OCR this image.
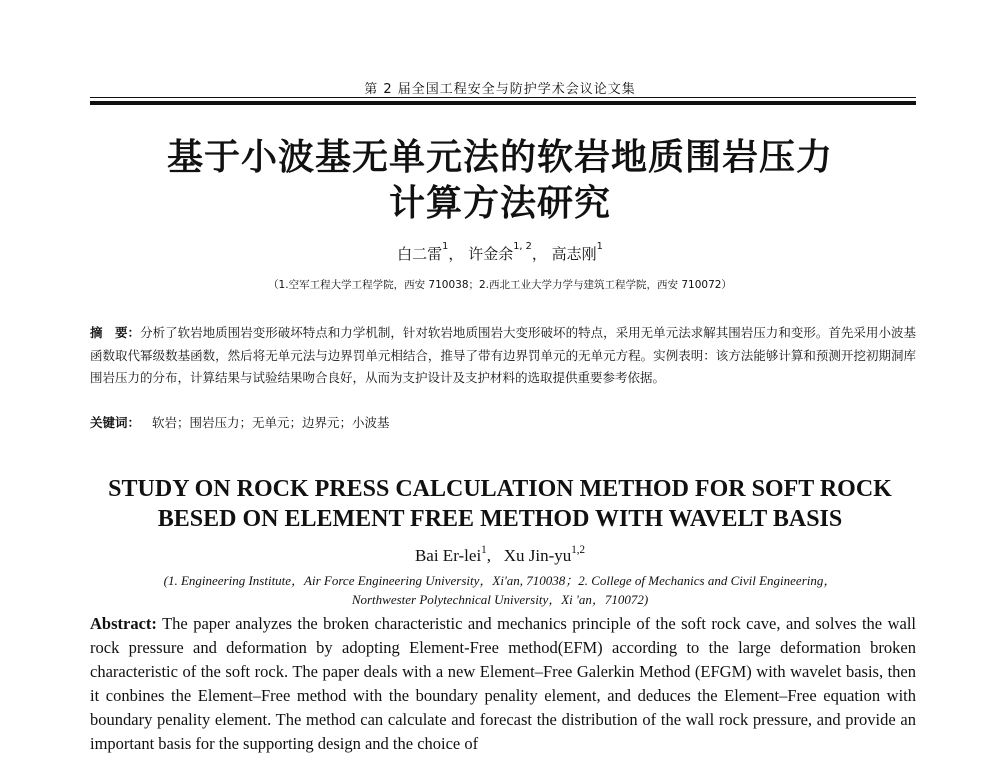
第 2 届全国工程安全与防护学术会议论文集
基于小波基无单元法的软岩地质围岩压力
计算方法研究
白二雷$^1$， 许金余$^{1, 2}$， 高志刚$^1$
（1.空军工程大学工程学院，西安 710038；2.西北工业大学力学与建筑工程学院，西安 710072）
摘　要：分析了软岩地质围岩变形破坏特点和力学机制，针对软岩地质围岩大变形破坏的特点，采用无单元法求解其围岩压力和变形。首先采用小波基函数取代幂级数基函数，然后将无单元法与边界罚单元相结合，推导了带有边界罚单元的无单元方程。实例表明：该方法能够计算和预测开挖初期洞库围岩压力的分布，计算结果与试验结果吻合良好，从而为支护设计及支护材料的选取提供重要参考依据。
关键词： 软岩；围岩压力；无单元；边界元；小波基
STUDY ON ROCK PRESS CALCULATION METHOD FOR SOFT ROCK
BESED ON ELEMENT FREE METHOD WITH WAVELT BASIS
Bai Er-lei$^1$, Xu Jin-yu$^{1,2}$
(1. Engineering Institute，Air Force Engineering University，Xi'an, 710038；2. College of Mechanics and Civil Engineering，
Northwester Polytechnical University，Xi 'an，710072)
Abstract: The paper analyzes the broken characteristic and mechanics principle of the soft rock cave, and solves the wall rock pressure and deformation by adopting Element-Free method(EFM) according to the large deformation broken characteristic of the soft rock. The paper deals with a new Element–Free Galerkin Method (EFGM) with wavelet basis, then it conbines the Element–Free method with the boundary penality element, and deduces the Element–Free equation with boundary penality element. The method can calculate and forecast the distribution of the wall rock pressure, and provide an important basis for the supporting design and the choice of
